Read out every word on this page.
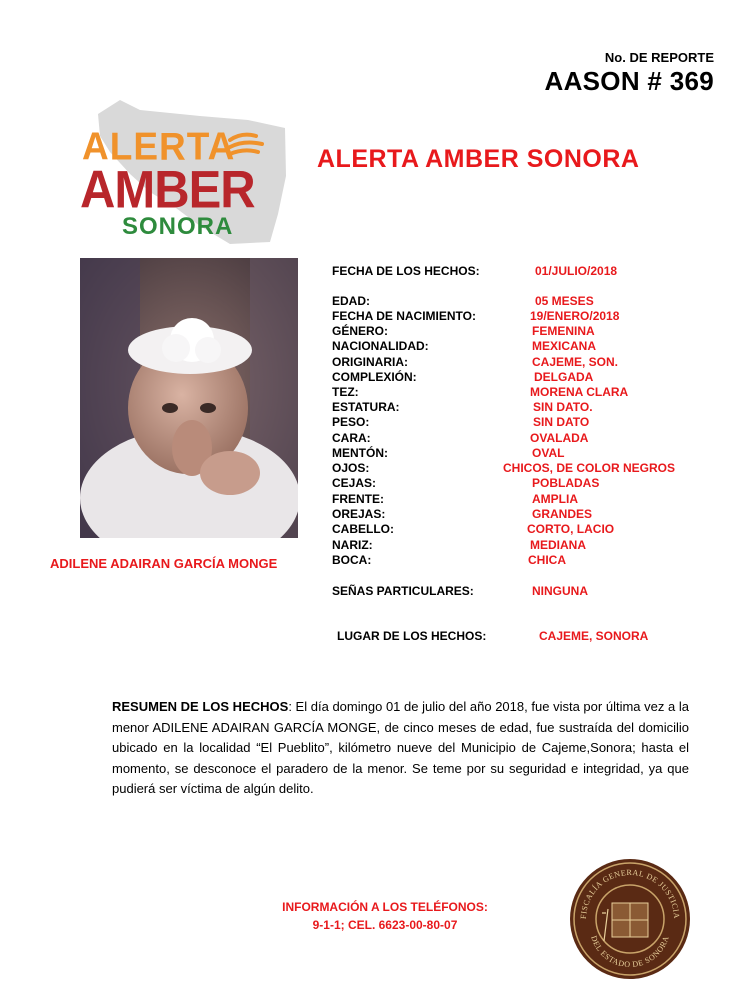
No. DE REPORTE
AASON # 369
ALERTA
AMBER
SONORA
ALERTA AMBER SONORA
ADILENE ADAIRAN GARCÍA MONGE
FECHA DE LOS HECHOS:	01/JULIO/2018
EDAD:	05 MESES
FECHA DE NACIMIENTO:	19/ENERO/2018
GÉNERO:	FEMENINA
NACIONALIDAD:	MEXICANA
ORIGINARIA:	CAJEME, SON.
COMPLEXIÓN:	DELGADA
TEZ:	MORENA CLARA
ESTATURA:	SIN DATO.
PESO:	SIN DATO
CARA:	OVALADA
MENTÓN:	OVAL
OJOS:	CHICOS, DE COLOR NEGROS
CEJAS:	POBLADAS
FRENTE:	AMPLIA
OREJAS:	GRANDES
CABELLO:	CORTO, LACIO
NARIZ:	MEDIANA
BOCA:	CHICA
SEÑAS PARTICULARES:	NINGUNA
LUGAR DE LOS HECHOS:	CAJEME, SONORA
RESUMEN DE LOS HECHOS: El día domingo 01 de julio del año 2018, fue vista por última vez a la menor ADILENE ADAIRAN GARCÍA MONGE, de cinco meses de edad, fue sustraída del domicilio ubicado en la localidad “El Pueblito”, kilómetro nueve del Municipio de Cajeme,Sonora; hasta el momento, se desconoce el paradero de la menor. Se teme por su seguridad e integridad, ya que pudierá ser víctima de algún delito.
INFORMACIÓN A LOS TELÉFONOS:
9-1-1; CEL. 6623-00-80-07
FISCALÍA GENERAL DE JUSTICIA
DEL ESTADO DE SONORA
